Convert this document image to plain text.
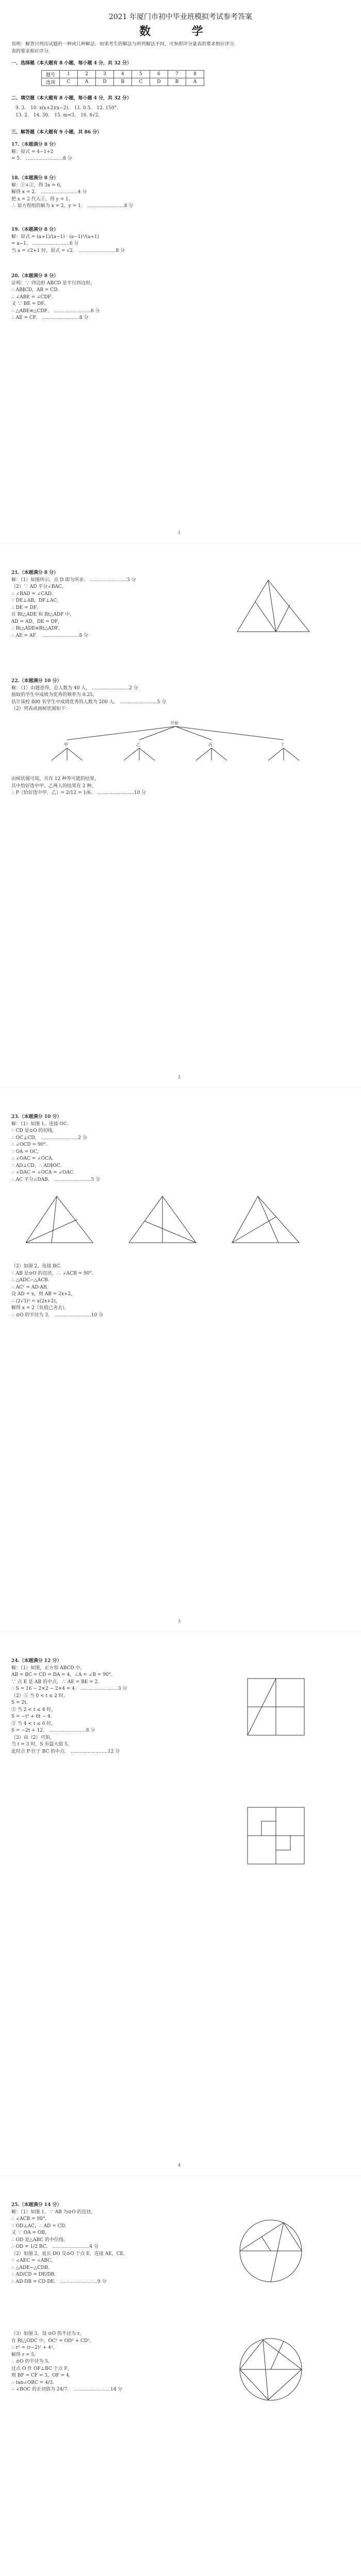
2021 年厦门市初中毕业班模拟考试参考答案
数 学
说明：解答只列出试题的一种或几种解法．如果考生的解法与所列解法不同，可参照评分量表的要求相应评分．
表的要求相应评分．
一、选择题（本大题有 8 小题，每小题 4 分，共 32 分）
题号	1	2	3	4	5	6	7	8
选项	C	A	D	B	C	D	B	A
二、填空题（本大题有 8 小题，每小题 4 分，共 32 分）
9. 3． 10. x(x+2)(x−2)． 11. 0.5． 12. 150°．
13. 2． 14. 30． 15. m<3． 16. 4√2．
三、解答题（本大题有 9 小题，共 86 分）
17.（本题满分 8 分）
解：原式 = 4−1+2
= 5． ……………………8 分
18.（本题满分 8 分）
解：①+②，得 3x = 6，
解得 x = 2． ……………………4 分
把 x = 2 代入①，得 y = 1．
∴ 原方程组的解为 x = 2，y = 1． ……………………8 分
19.（本题满分 8 分）
解：原式 = (a+1)/(a−1) · (a−1)²/(a+1)
= a−1． ……………………6 分
当 a = √2+1 时，原式 = √2． ……………………8 分
20.（本题满分 8 分）
证明：∵ 四边形 ABCD 是平行四边形，
∴ AB∥CD，AB = CD．
∴ ∠ABE = ∠CDF．
又 ∵ BE = DF，
∴ △ABE≌△CDF． ……………………6 分
∴ AE = CF． ……………………8 分
1
21.（本题满分 8 分）
解：（1）如图所示，点 D 即为所求． ……………………3 分
（2）∵ AD 平分∠BAC，
∴ ∠BAD = ∠CAD．
∵ DE⊥AB，DF⊥AC，
∴ DE = DF．
在 Rt△ADE 和 Rt△ADF 中，
AD = AD，DE = DF，
∴ Rt△ADE≌Rt△ADF．
∴ AE = AF． ……………………8 分
22.（本题满分 10 分）
解：（1）由题意得，总人数为 40 人， ……………………2 分
抽取的学生中成绩为优秀的频率为 0.25，
估计该校 800 名学生中成绩优秀的人数为 200 人． ……………………5 分
（2）列表或画树状图如下：
开始
甲	乙	丙	丁
由树状图可知，共有 12 种等可能的结果，
其中恰好选中甲、乙两人的结果有 2 种，
∴ P（恰好选中甲、乙）= 2/12 = 1/6． ……………………10 分
2
23.（本题满分 10 分）
解：（1）如图 1，连接 OC．
∵ CD 是⊙O 的切线，
∴ OC⊥CD． ……………………2 分
∴ ∠OCD = 90°．
∵ OA = OC，
∴ ∠OAC = ∠OCA．
∵ AD⊥CD，∴ AD∥OC．
∴ ∠DAC = ∠OCA = ∠OAC．
∴ AC 平分∠DAB． ……………………5 分
（2）如图 2，连接 BC．
∵ AB 是⊙O 的直径，∴ ∠ACB = 90°．
∴ △ADC∽△ACB．
∴ AC² = AD·AB．
设 AD = x，则 AB = 2x+2，
∴ (2√3)² = x(2x+2)，
解得 x = 2（负值已舍去）．
∴ ⊙O 的半径为 3． ……………………10 分
3
24.（本题满分 12 分）
解：（1）如图，正方形 ABCD 中，
AB = BC = CD = DA = 4，∠A = ∠B = 90°．
∵ 点 E 是 AB 的中点，∴ AE = BE = 2．
∴ S = 16 − 2×2 − 2×4 = 4． ……………………3 分
（2）① 当 0 < t ≤ 2 时，
S = 2t．
② 当 2 < t ≤ 4 时，
S = −t² + 6t − 4．
③ 当 4 < t ≤ 6 时，
S = −2t + 12． ……………………8 分
（3）由（2）可知，
当 t = 3 时，S 有最大值 5．
此时点 P 位于 BC 的中点． ……………………12 分
4
25.（本题满分 14 分）
解：（1）如图 1，∵ AB 为⊙O 的直径，
∴ ∠ACB = 90°．
∵ OD⊥AC，∴ AD = CD．
又 ∵ OA = OB，
∴ OD 是△ABC 的中位线．
∴ OD = 1/2 BC． ……………………4 分
（2）如图 2，延长 DO 交⊙O 于点 E，连接 AE，CE．
∵ ∠AEC = ∠ABC，
∴ △ADE∽△CDB．
∴ AD/CD = DE/DB．
∴ AD·DB = CD·DE． ……………………9 分
（3）如图 3，设 ⊙O 的半径为 r，
在 Rt△ODC 中，OC² = OD² + CD²，
∴ r² = (r−2)² + 4²，
解得 r = 5．
∴ ⊙O 的半径为 5．
过点 O 作 OF⊥BC 于点 F，
则 BF = CF = 3，OF = 4．
∴ tan∠OBC = 4/3．
∴ ∠BOC 的正切值为 24/7． ……………………14 分
